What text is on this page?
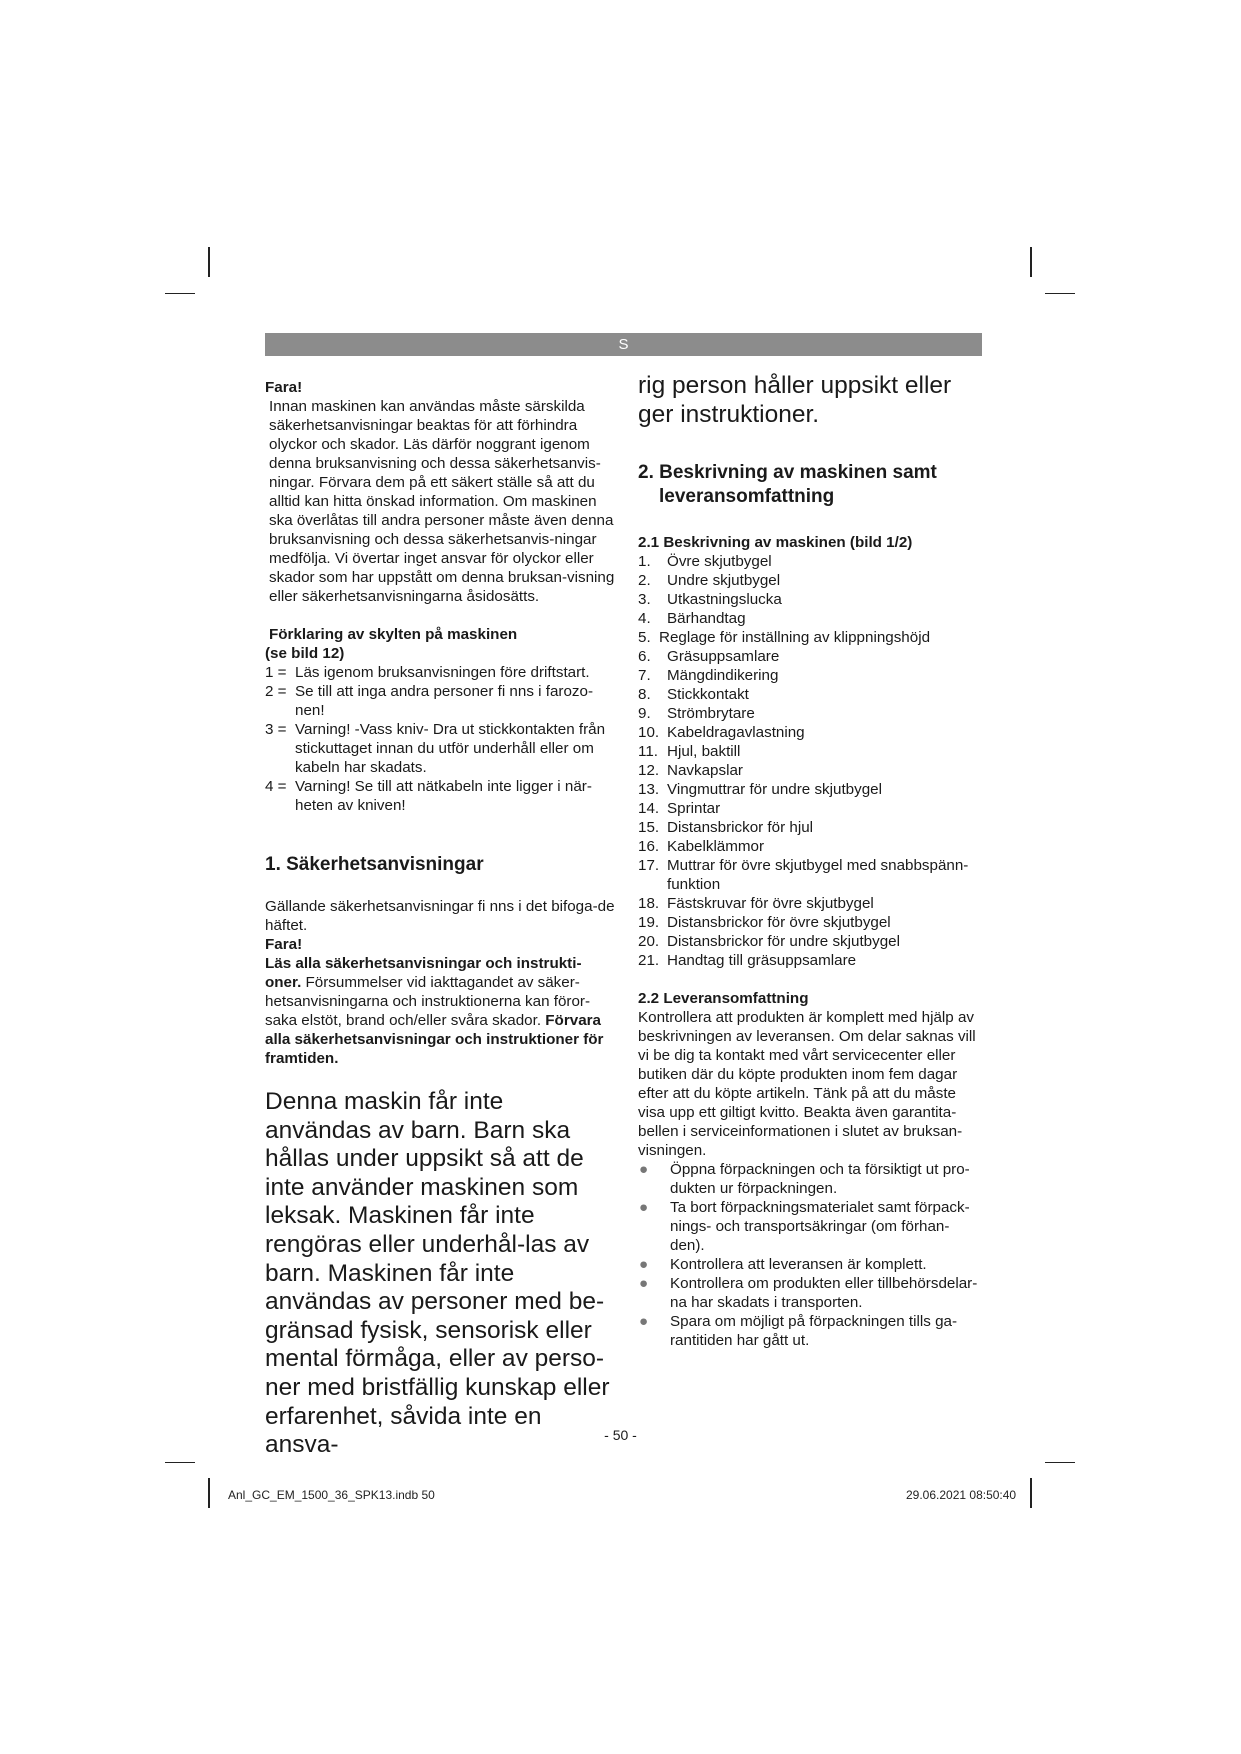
S

Fara!

Innan maskinen kan användas måste särskilda säkerhetsanvisningar beaktas för att förhindra olyckor och skador. Läs därför noggrant igenom denna bruksanvisning och dessa säkerhetsanvis-ningar. Förvara dem på ett säkert ställe så att du alltid kan hitta önskad information. Om maskinen ska överlåtas till andra personer måste även denna bruksanvisning och dessa säkerhetsanvis-ningar medfölja. Vi övertar inget ansvar för olyckor eller skador som har uppstått om denna bruksan-visning eller säkerhetsanvisningarna åsidosätts.

Förklaring av skylten på maskinen

(se bild 12)

1 = Läs igenom bruksanvisningen före driftstart.
2 = Se till att inga andra personer fi nns i farozo-nen!
3 = Varning! -Vass kniv- Dra ut stickkontakten från stickuttaget innan du utför underhåll eller om kabeln har skadats.
4 = Varning! Se till att nätkabeln inte ligger i när-heten av kniven!

1. Säkerhetsanvisningar

Gällande säkerhetsanvisningar fi nns i det bifoga-de häftet.

Fara!

Läs alla säkerhetsanvisningar och instrukti-oner. Försummelser vid iakttagandet av säker-hetsanvisningarna och instruktionerna kan föror-saka elstöt, brand och/eller svåra skador. Förvara alla säkerhetsanvisningar och instruktioner för framtiden.

Denna maskin får inte användas av barn. Barn ska hållas under uppsikt så att de inte använder maskinen som leksak. Maskinen får inte rengöras eller underhål-las av barn. Maskinen får inte användas av personer med be-gränsad fysisk, sensorisk eller mental förmåga, eller av perso-ner med bristfällig kunskap eller erfarenhet, såvida inte en ansva-

rig person håller uppsikt eller ger instruktioner.

2. Beskrivning av maskinen samt

leveransomfattning

2.1 Beskrivning av maskinen (bild 1/2)

1.	Övre skjutbygel
2.	Undre skjutbygel
3.	Utkastningslucka
4.	Bärhandtag
5. Reglage för inställning av klippningshöjd
6.	Gräsuppsamlare
7.	Mängdindikering
8.	Stickkontakt
9.	Strömbrytare
10. Kabeldragavlastning
11. Hjul, baktill
12. Navkapslar
13. Vingmuttrar för undre skjutbygel
14. Sprintar
15. Distansbrickor för hjul
16. Kabelklämmor
17. Muttrar för övre skjutbygel med snabbspänn-funktion
18. Fästskruvar för övre skjutbygel
19. Distansbrickor för övre skjutbygel
20. Distansbrickor för undre skjutbygel
21. Handtag till gräsuppsamlare

2.2 Leveransomfattning

Kontrollera att produkten är komplett med hjälp av beskrivningen av leveransen. Om delar saknas vill vi be dig ta kontakt med vårt servicecenter eller butiken där du köpte produkten inom fem dagar efter att du köpte artikeln. Tänk på att du måste visa upp ett giltigt kvitto. Beakta även garantita-bellen i serviceinformationen i slutet av bruksan-visningen.

●	Öppna förpackningen och ta försiktigt ut pro-dukten ur förpackningen.
●	Ta bort förpackningsmaterialet samt förpack-nings- och transportsäkringar (om förhan-den).
●	Kontrollera att leveransen är komplett.
●	Kontrollera om produkten eller tillbehörsdelar-na har skadats i transporten.
●	Spara om möjligt på förpackningen tills ga-rantitiden har gått ut.
- 50 -
Anl_GC_EM_1500_36_SPK13.indb 50	29.06.2021 08:50:40
